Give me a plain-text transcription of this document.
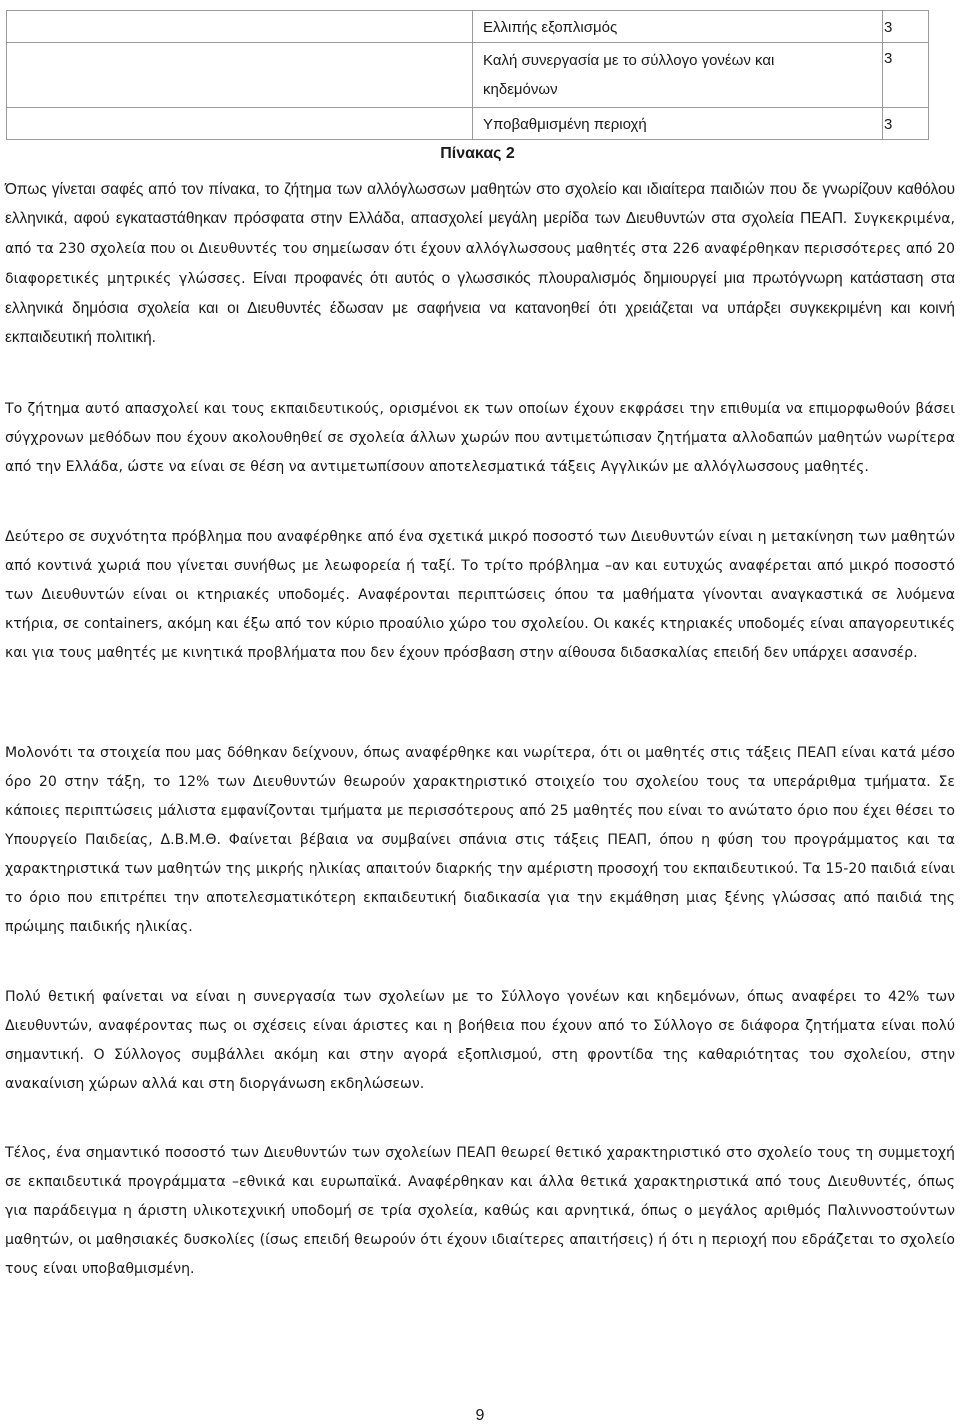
	Ελλιπής εξοπλισμός	3
	Καλή συνεργασία με το σύλλογο γονέων και κηδεμόνων	3
	Υποβαθμισμένη περιοχή	3
Πίνακας 2

Όπως γίνεται σαφές από τον πίνακα, το ζήτημα των αλλόγλωσσων μαθητών στο σχολείο και ιδιαίτερα παιδιών που δε γνωρίζουν καθόλου ελληνικά, αφού εγκαταστάθηκαν πρόσφατα στην Ελλάδα, απασχολεί μεγάλη μερίδα των Διευθυντών στα σχολεία ΠΕΑΠ. Συγκεκριμένα, από τα 230 σχολεία που οι Διευθυντές του σημείωσαν ότι έχουν αλλόγλωσσους μαθητές στα 226 αναφέρθηκαν περισσότερες από 20 διαφορετικές μητρικές γλώσσες. Είναι προφανές ότι αυτός ο γλωσσικός πλουραλισμός δημιουργεί μια πρωτόγνωρη κατάσταση στα ελληνικά δημόσια σχολεία και οι Διευθυντές έδωσαν με σαφήνεια να κατανοηθεί ότι χρειάζεται να υπάρξει συγκεκριμένη και κοινή εκπαιδευτική πολιτική.

Το ζήτημα αυτό απασχολεί και τους εκπαιδευτικούς, ορισμένοι εκ των οποίων έχουν εκφράσει την επιθυμία να επιμορφωθούν βάσει σύγχρονων μεθόδων που έχουν ακολουθηθεί σε σχολεία άλλων χωρών που αντιμετώπισαν ζητήματα αλλοδαπών μαθητών νωρίτερα από την Ελλάδα, ώστε να είναι σε θέση να αντιμετωπίσουν αποτελεσματικά τάξεις Αγγλικών με αλλόγλωσσους μαθητές.

Δεύτερο σε συχνότητα πρόβλημα που αναφέρθηκε από ένα σχετικά μικρό ποσοστό των Διευθυντών είναι η μετακίνηση των μαθητών από κοντινά χωριά που γίνεται συνήθως με λεωφορεία ή ταξί. Το τρίτο πρόβλημα –αν και ευτυχώς αναφέρεται από μικρό ποσοστό των Διευθυντών είναι οι κτηριακές υποδομές. Αναφέρονται περιπτώσεις όπου τα μαθήματα γίνονται αναγκαστικά σε λυόμενα κτήρια, σε containers, ακόμη και έξω από τον κύριο προαύλιο χώρο του σχολείου. Οι κακές κτηριακές υποδομές είναι απαγορευτικές και για τους μαθητές με κινητικά προβλήματα που δεν έχουν πρόσβαση στην αίθουσα διδασκαλίας επειδή δεν υπάρχει ασανσέρ.

Μολονότι τα στοιχεία που μας δόθηκαν δείχνουν, όπως αναφέρθηκε και νωρίτερα, ότι οι μαθητές στις τάξεις ΠΕΑΠ είναι κατά μέσο όρο 20 στην τάξη, το 12% των Διευθυντών θεωρούν χαρακτηριστικό στοιχείο του σχολείου τους τα υπεράριθμα τμήματα. Σε κάποιες περιπτώσεις μάλιστα εμφανίζονται τμήματα με περισσότερους από 25 μαθητές που είναι το ανώτατο όριο που έχει θέσει το Υπουργείο Παιδείας, Δ.Β.Μ.Θ. Φαίνεται βέβαια να συμβαίνει σπάνια στις τάξεις ΠΕΑΠ, όπου η φύση του προγράμματος και τα χαρακτηριστικά των μαθητών της μικρής ηλικίας απαιτούν διαρκής την αμέριστη προσοχή του εκπαιδευτικού. Τα 15-20 παιδιά είναι το όριο που επιτρέπει την αποτελεσματικότερη εκπαιδευτική διαδικασία για την εκμάθηση μιας ξένης γλώσσας από παιδιά της πρώιμης παιδικής ηλικίας.

Πολύ θετική φαίνεται να είναι η συνεργασία των σχολείων με το Σύλλογο γονέων και κηδεμόνων, όπως αναφέρει το 42% των Διευθυντών, αναφέροντας πως οι σχέσεις είναι άριστες και η βοήθεια που έχουν από το Σύλλογο σε διάφορα ζητήματα είναι πολύ σημαντική. Ο Σύλλογος συμβάλλει ακόμη και στην αγορά εξοπλισμού, στη φροντίδα της καθαριότητας του σχολείου, στην ανακαίνιση χώρων αλλά και στη διοργάνωση εκδηλώσεων.

Τέλος, ένα σημαντικό ποσοστό των Διευθυντών των σχολείων ΠΕΑΠ θεωρεί θετικό χαρακτηριστικό στο σχολείο τους τη συμμετοχή σε εκπαιδευτικά προγράμματα –εθνικά και ευρωπαϊκά. Αναφέρθηκαν και άλλα θετικά χαρακτηριστικά από τους Διευθυντές, όπως για παράδειγμα η άριστη υλικοτεχνική υποδομή σε τρία σχολεία, καθώς και αρνητικά, όπως ο μεγάλος αριθμός Παλιννοστούντων μαθητών, οι μαθησιακές δυσκολίες (ίσως επειδή θεωρούν ότι έχουν ιδιαίτερες απαιτήσεις) ή ότι η περιοχή που εδράζεται το σχολείο τους είναι υποβαθμισμένη.

9
